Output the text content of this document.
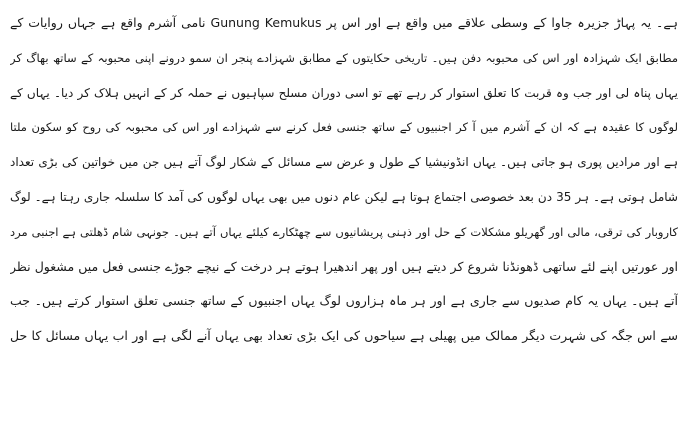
ہے۔ یہ پہاڑ جزیرہ جاوا کے وسطی علاقے میں واقع ہے اور اس پر Gunung Kemukus نامی آشرم واقع ہے جہاں روایات کے
مطابق ایک شہزادہ اور اس کی محبوبہ دفن ہیں۔ تاریخی حکایتوں کے مطابق شہزادے پنجر ان سمو درونے اپنی محبوبہ کے ساتھ بھاگ کر
یہاں پناہ لی اور جب وہ قربت کا تعلق استوار کر رہے تھے تو اسی دوران مسلح سپاہیوں نے حملہ کر کے انہیں ہلاک کر دیا۔ یہاں کے
لوگوں کا عقیدہ ہے کہ ان کے آشرم میں آ کر اجنبیوں کے ساتھ جنسی فعل کرنے سے شہزادے اور اس کی محبوبہ کی روح کو سکون ملتا
ہے اور مرادیں پوری ہو جاتی ہیں۔ یہاں انڈونیشیا کے طول و عرض سے مسائل کے شکار لوگ آتے ہیں جن میں خواتین کی بڑی تعداد
شامل ہوتی ہے۔ ہر 35 دن بعد خصوصی اجتماع ہوتا ہے لیکن عام دنوں میں بھی یہاں لوگوں کی آمد کا سلسلہ جاری رہتا ہے۔ لوگ
کاروبار کی ترقی، مالی اور گھریلو مشکلات کے حل اور ذہنی پریشانیوں سے چھٹکارے کیلئے یہاں آتے ہیں۔ جونہی شام ڈھلتی ہے اجنبی مرد
اور عورتیں اپنے لئے ساتھی ڈھونڈنا شروع کر دیتے ہیں اور پھر اندھیرا ہوتے ہر درخت کے نیچے جوڑے جنسی فعل میں مشغول نظر
آتے ہیں۔ یہاں یہ کام صدیوں سے جاری ہے اور ہر ماہ ہزاروں لوگ یہاں اجنبیوں کے ساتھ جنسی تعلق استوار کرتے ہیں۔ جب
سے اس جگہ کی شہرت دیگر ممالک میں پھیلی ہے سیاحوں کی ایک بڑی تعداد بھی یہاں آنے لگی ہے اور اب یہاں مسائل کا حل
